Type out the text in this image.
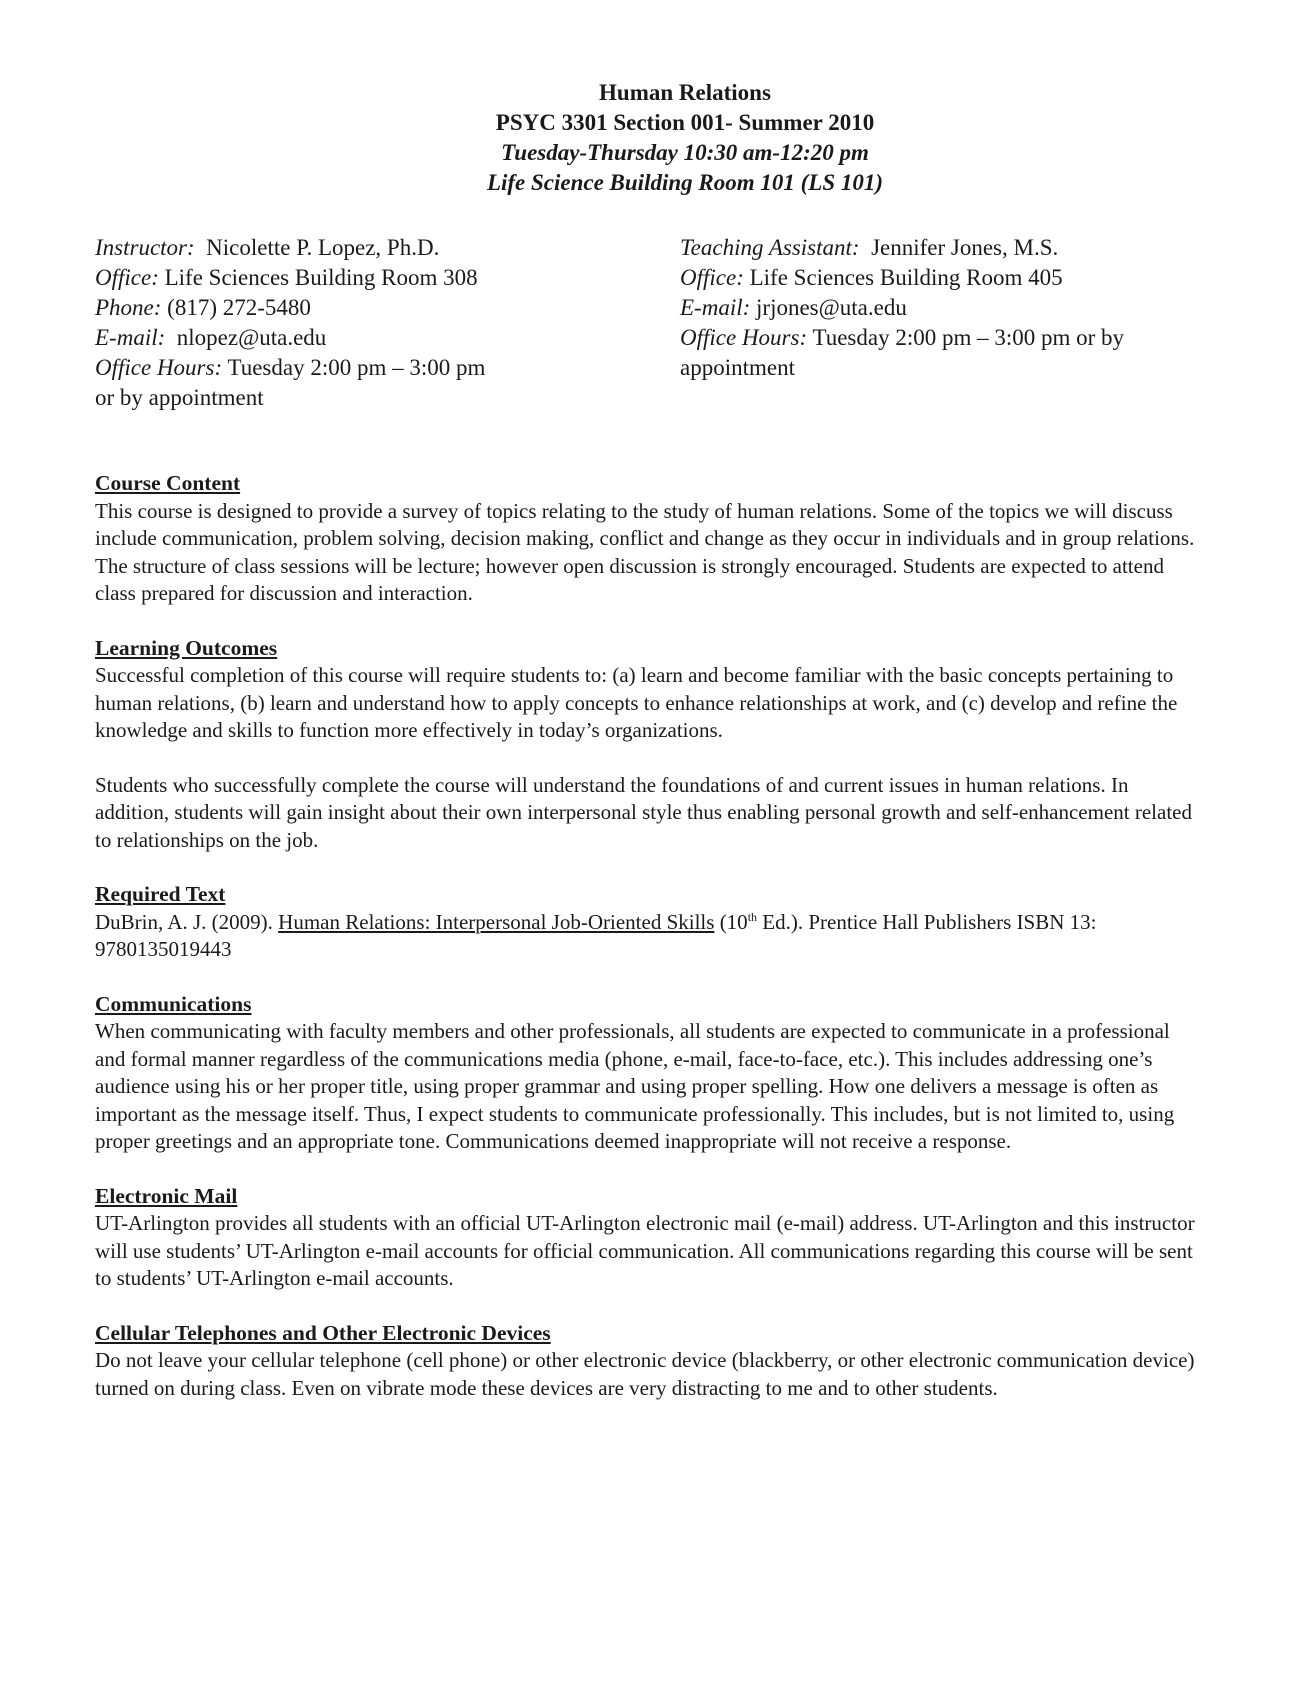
Human Relations
PSYC 3301 Section 001- Summer 2010
Tuesday-Thursday 10:30 am-12:20 pm
Life Science Building Room 101 (LS 101)
Instructor: Nicolette P. Lopez, Ph.D.
Office: Life Sciences Building Room 308
Phone: (817) 272-5480
E-mail: nlopez@uta.edu
Office Hours: Tuesday 2:00 pm – 3:00 pm
or by appointment
Teaching Assistant: Jennifer Jones, M.S.
Office: Life Sciences Building Room 405
E-mail: jrjones@uta.edu
Office Hours: Tuesday 2:00 pm – 3:00 pm or by appointment
Course Content

This course is designed to provide a survey of topics relating to the study of human relations. Some of the topics we will discuss include communication, problem solving, decision making, conflict and change as they occur in individuals and in group relations. The structure of class sessions will be lecture; however open discussion is strongly encouraged. Students are expected to attend class prepared for discussion and interaction.

Learning Outcomes

Successful completion of this course will require students to: (a) learn and become familiar with the basic concepts pertaining to human relations, (b) learn and understand how to apply concepts to enhance relationships at work, and (c) develop and refine the knowledge and skills to function more effectively in today’s organizations.

Students who successfully complete the course will understand the foundations of and current issues in human relations. In addition, students will gain insight about their own interpersonal style thus enabling personal growth and self-enhancement related to relationships on the job.

Required Text

DuBrin, A. J. (2009). Human Relations: Interpersonal Job-Oriented Skills (10th Ed.). Prentice Hall Publishers ISBN 13: 9780135019443

Communications

When communicating with faculty members and other professionals, all students are expected to communicate in a professional and formal manner regardless of the communications media (phone, e-mail, face-to-face, etc.). This includes addressing one’s audience using his or her proper title, using proper grammar and using proper spelling. How one delivers a message is often as important as the message itself. Thus, I expect students to communicate professionally. This includes, but is not limited to, using proper greetings and an appropriate tone. Communications deemed inappropriate will not receive a response.

Electronic Mail

UT-Arlington provides all students with an official UT-Arlington electronic mail (e-mail) address. UT-Arlington and this instructor will use students’ UT-Arlington e-mail accounts for official communication. All communications regarding this course will be sent to students’ UT-Arlington e-mail accounts.

Cellular Telephones and Other Electronic Devices

Do not leave your cellular telephone (cell phone) or other electronic device (blackberry, or other electronic communication device) turned on during class. Even on vibrate mode these devices are very distracting to me and to other students.
